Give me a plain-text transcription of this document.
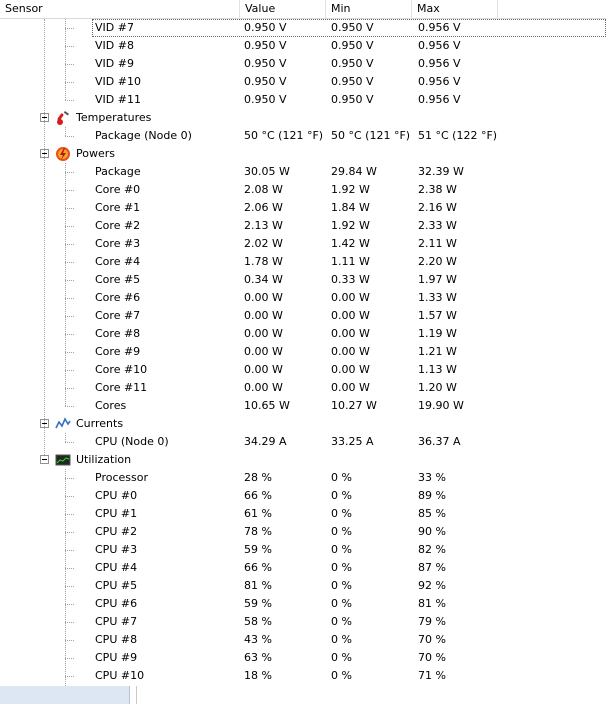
Sensor	Value	Min	Max
VID #7	0.950 V	0.950 V	0.956 V
VID #8	0.950 V	0.950 V	0.956 V
VID #9	0.950 V	0.950 V	0.956 V
VID #10	0.950 V	0.950 V	0.956 V
VID #11	0.950 V	0.950 V	0.956 V
Temperatures
Package (Node 0)	50 °C (121 °F) 50 °C (121 °F) 51 °C (122 °F)
Powers
Package	30.05 W	29.84 W	32.39 W
Core #0	2.08 W	1.92 W	2.38 W
Core #1	2.06 W	1.84 W	2.16 W
Core #2	2.13 W	1.92 W	2.33 W
Core #3	2.02 W	1.42 W	2.11 W
Core #4	1.78 W	1.11 W	2.20 W
Core #5	0.34 W	0.33 W	1.97 W
Core #6	0.00 W	0.00 W	1.33 W
Core #7	0.00 W	0.00 W	1.57 W
Core #8	0.00 W	0.00 W	1.19 W
Core #9	0.00 W	0.00 W	1.21 W
Core #10	0.00 W	0.00 W	1.13 W
Core #11	0.00 W	0.00 W	1.20 W
Cores	10.65 W	10.27 W	19.90 W
Currents
CPU (Node 0)	34.29 A	33.25 A	36.37 A
Utilization
Processor	28 %	0 %	33 %
CPU #0	66 %	0 %	89 %
CPU #1	61 %	0 %	85 %
CPU #2	78 %	0 %	90 %
CPU #3	59 %	0 %	82 %
CPU #4	66 %	0 %	87 %
CPU #5	81 %	0 %	92 %
CPU #6	59 %	0 %	81 %
CPU #7	58 %	0 %	79 %
CPU #8	43 %	0 %	70 %
CPU #9	63 %	0 %	70 %
CPU #10	18 %	0 %	71 %
